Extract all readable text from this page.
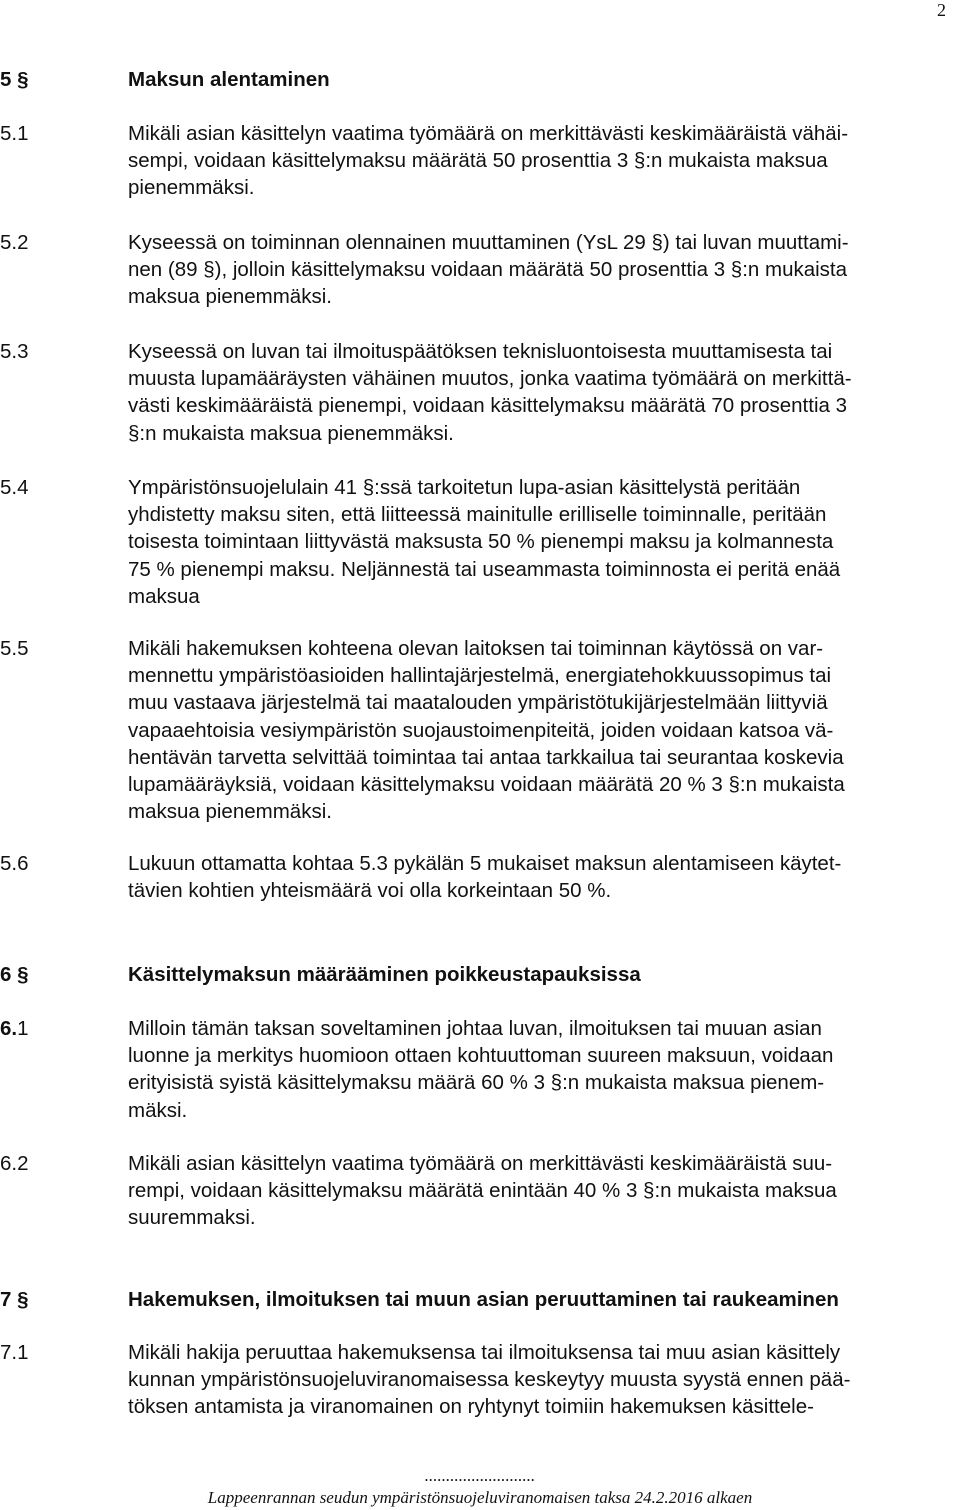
2
5 §	Maksun alentaminen
5.1	Mikäli asian käsittelyn vaatima työmäärä on merkittävästi keskimääräistä vähäi-
sempi, voidaan käsittelymaksu määrätä 50 prosenttia 3 §:n mukaista maksua
pienemmäksi.
5.2	Kyseessä on toiminnan olennainen muuttaminen (YsL 29 §) tai luvan muuttami-
nen (89 §), jolloin käsittelymaksu voidaan määrätä 50 prosenttia 3 §:n mukaista
maksua pienemmäksi.
5.3	Kyseessä on luvan tai ilmoituspäätöksen teknisluontoisesta muuttamisesta tai
muusta lupamääräysten vähäinen muutos, jonka vaatima työmäärä on merkittä-
västi keskimääräistä pienempi, voidaan käsittelymaksu määrätä 70 prosenttia 3
§:n mukaista maksua pienemmäksi.
5.4	Ympäristönsuojelulain 41 §:ssä tarkoitetun lupa-asian käsittelystä peritään
yhdistetty maksu siten, että liitteessä mainitulle erilliselle toiminnalle, peritään
toisesta toimintaan liittyvästä maksusta 50 % pienempi maksu ja kolmannesta
75 % pienempi maksu. Neljännestä tai useammasta toiminnosta ei peritä enää
maksua
5.5	Mikäli hakemuksen kohteena olevan laitoksen tai toiminnan käytössä on var-
mennettu ympäristöasioiden hallintajärjestelmä, energiatehokkuussopimus tai
muu vastaava järjestelmä tai maatalouden ympäristötukijärjestelmään liittyviä
vapaaehtoisia vesiympäristön suojaustoimenpiteitä, joiden voidaan katsoa vä-
hentävän tarvetta selvittää toimintaa tai antaa tarkkailua tai seurantaa koskevia
lupamääräyksiä, voidaan käsittelymaksu voidaan määrätä 20 % 3 §:n mukaista
maksua pienemmäksi.
5.6	Lukuun ottamatta kohtaa 5.3 pykälän 5 mukaiset maksun alentamiseen käytet-
tävien kohtien yhteismäärä voi olla korkeintaan 50 %.
6 §	Käsittelymaksun määrääminen poikkeustapauksissa
6.1	Milloin tämän taksan soveltaminen johtaa luvan, ilmoituksen tai muuan asian
luonne ja merkitys huomioon ottaen kohtuuttoman suureen maksuun, voidaan
erityisistä syistä käsittelymaksu määrä 60 % 3 §:n mukaista maksua pienem-
mäksi.
6.2	Mikäli asian käsittelyn vaatima työmäärä on merkittävästi keskimääräistä suu-
rempi, voidaan käsittelymaksu määrätä enintään 40 % 3 §:n mukaista maksua
suuremmaksi.
7 §	Hakemuksen, ilmoituksen tai muun asian peruuttaminen tai raukeaminen
7.1	Mikäli hakija peruuttaa hakemuksensa tai ilmoituksensa tai muu asian käsittely
kunnan ympäristönsuojeluviranomaisessa keskeytyy muusta syystä ennen pää-
töksen antamista ja viranomainen on ryhtynyt toimiin hakemuksen käsittele-
..........................
Lappeenrannan seudun ympäristönsuojeluviranomaisen taksa 24.2.2016 alkaen
